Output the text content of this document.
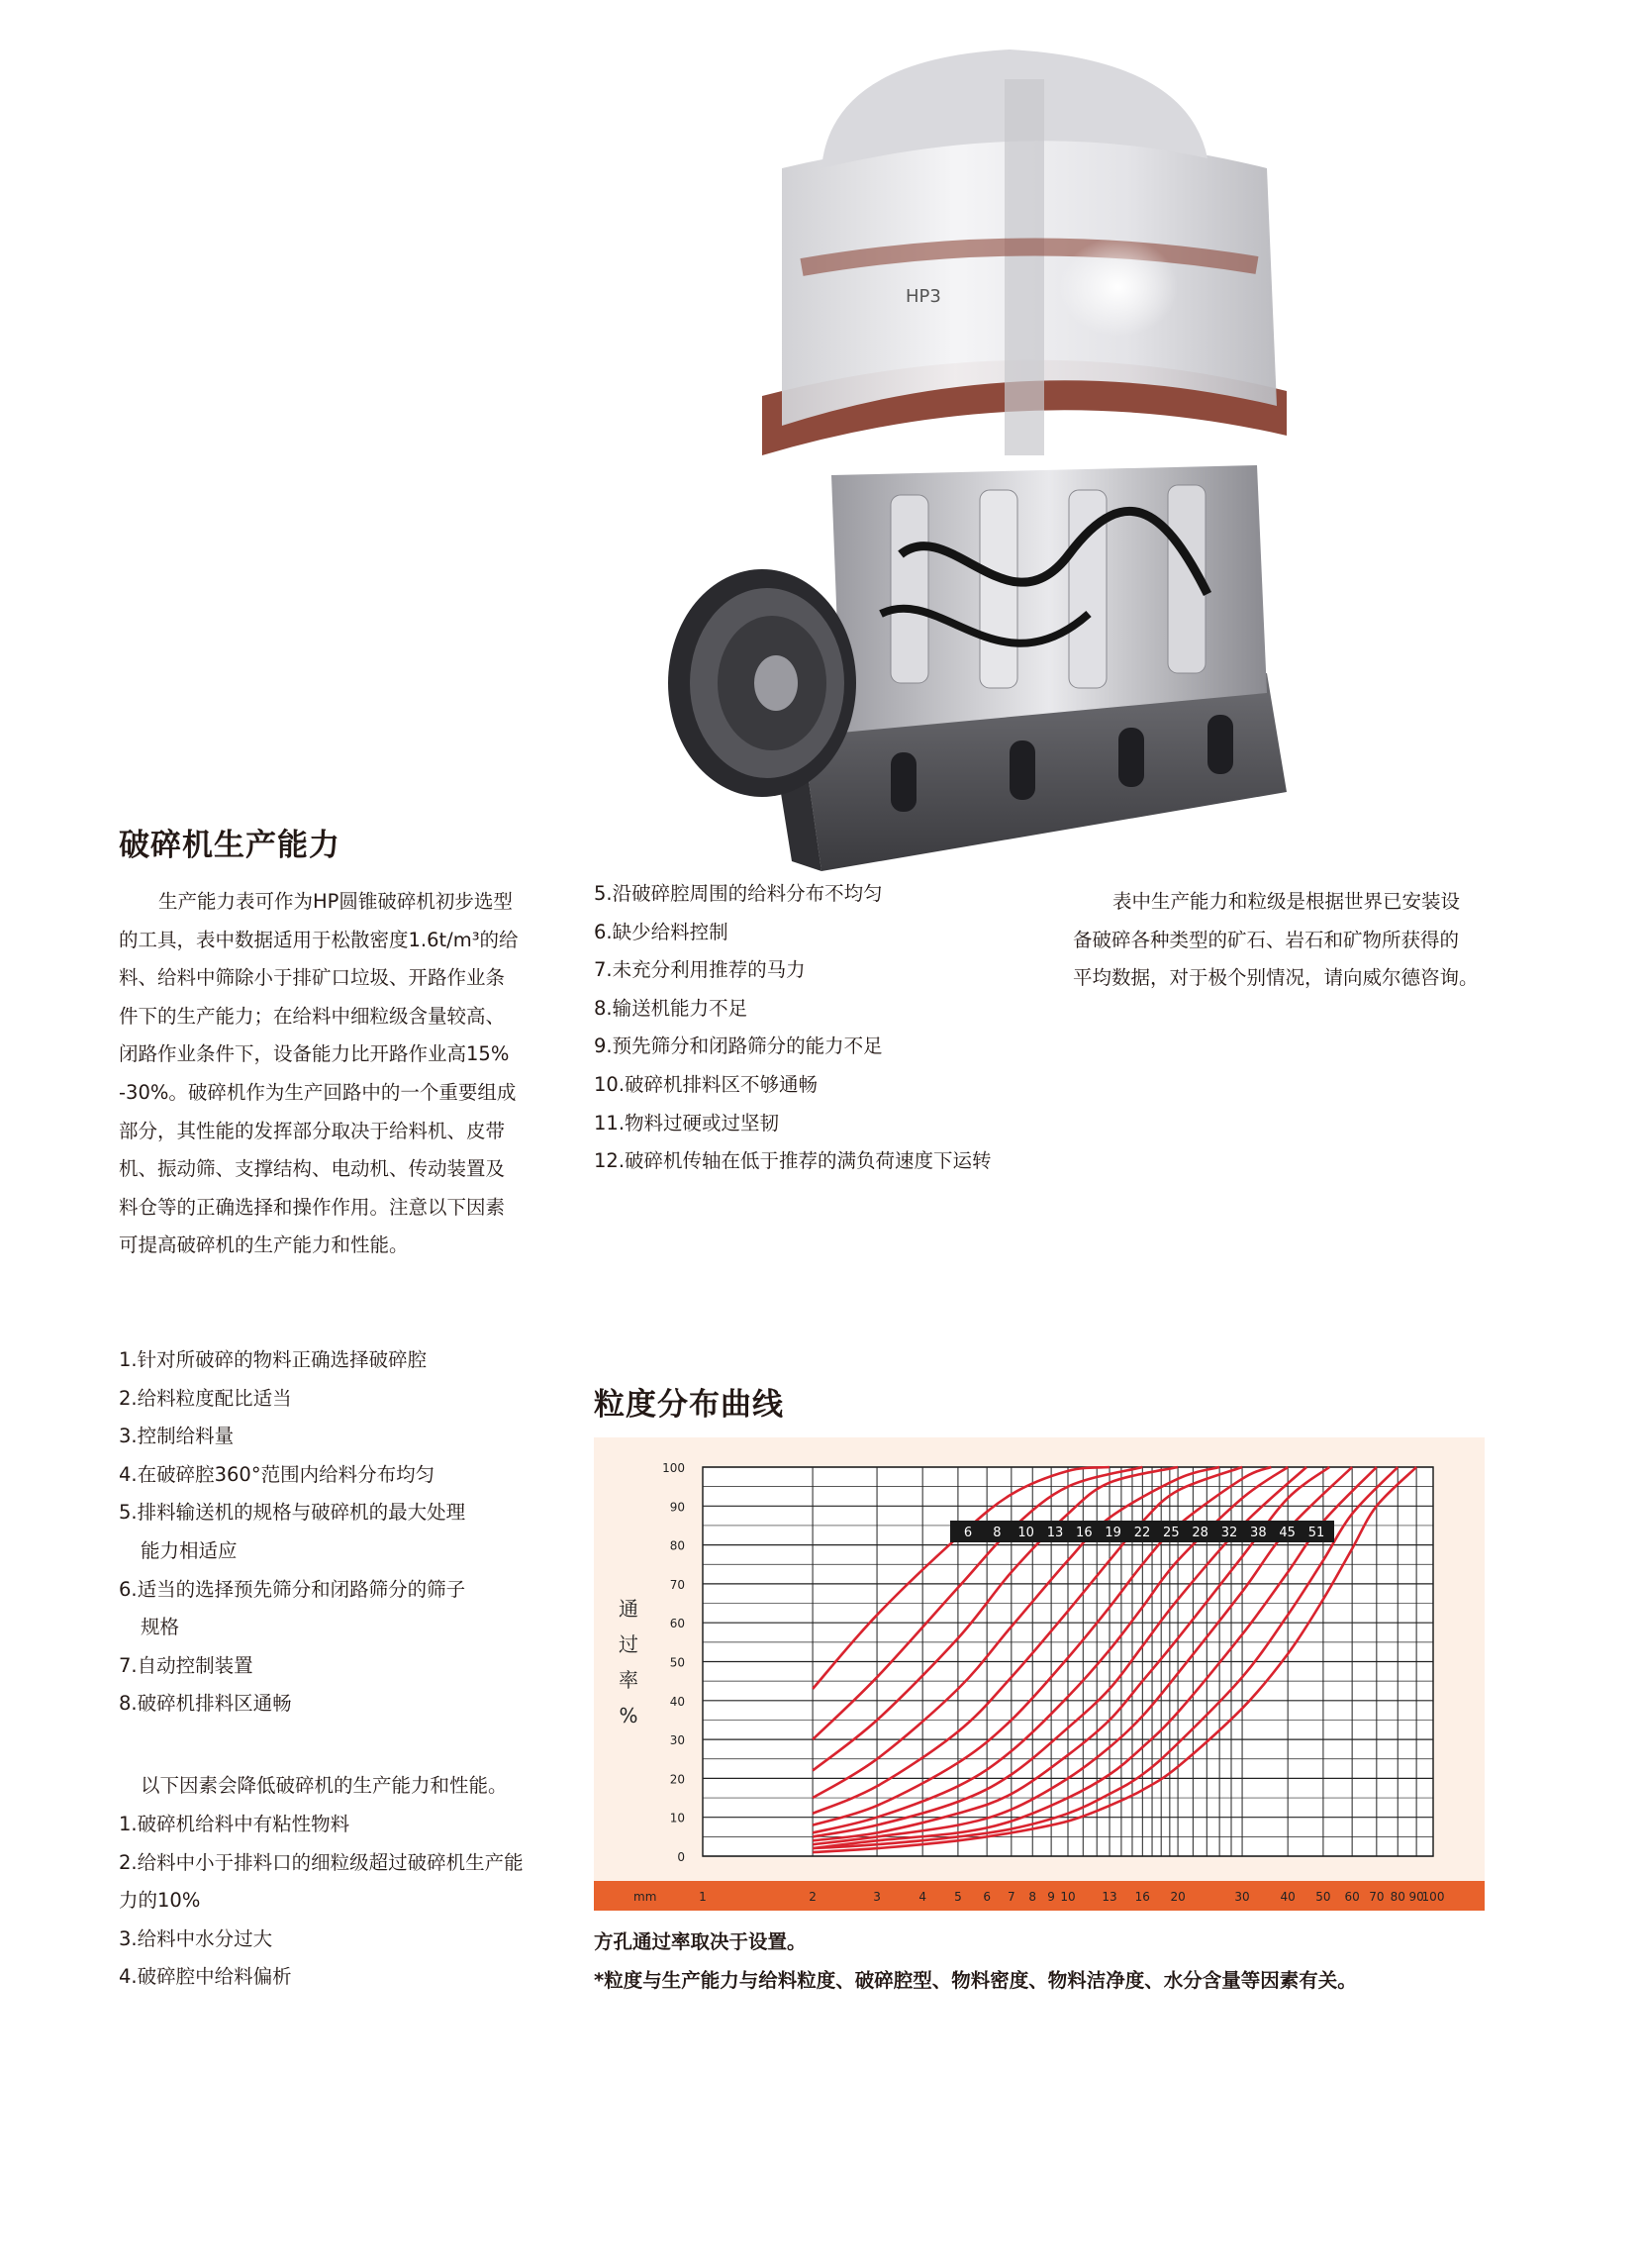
HP3
破碎机生产能力
生产能力表可作为HP圆锥破碎机初步选型
的工具，表中数据适用于松散密度1.6t/m³的给
料、给料中筛除小于排矿口垃圾、开路作业条
件下的生产能力；在给料中细粒级含量较高、
闭路作业条件下，设备能力比开路作业高15%
-30%。破碎机作为生产回路中的一个重要组成
部分，其性能的发挥部分取决于给料机、皮带
机、振动筛、支撑结构、电动机、传动装置及
料仓等的正确选择和操作作用。注意以下因素
可提高破碎机的生产能力和性能。
5.沿破碎腔周围的给料分布不均匀
6.缺少给料控制
7.未充分利用推荐的马力
8.输送机能力不足
9.预先筛分和闭路筛分的能力不足
10.破碎机排料区不够通畅
11.物料过硬或过坚韧
12.破碎机传轴在低于推荐的满负荷速度下运转
表中生产能力和粒级是根据世界已安装设
备破碎各种类型的矿石、岩石和矿物所获得的
平均数据，对于极个别情况，请向威尔德咨询。
1.针对所破碎的物料正确选择破碎腔
2.给料粒度配比适当
3.控制给料量
4.在破碎腔360°范围内给料分布均匀
5.排料输送机的规格与破碎机的最大处理
能力相适应
6.适当的选择预先筛分和闭路筛分的筛子
规格
7.自动控制装置
8.破碎机排料区通畅
以下因素会降低破碎机的生产能力和性能。
1.破碎机给料中有粘性物料
2.给料中小于排料口的细粒级超过破碎机生产能
力的10%
3.给料中水分过大
4.破碎腔中给料偏析
粒度分布曲线
0
10
20
30
40
50
60
70
80
90
100
通
过
率
%
6 8 10 13 16 19 22 25 28 32 38 45 51
mm	1	2	3	4 5 6 7 8 9 10 13 16 20	30	40 50 60 70 80 90
100
方孔通过率取决于设置。
*粒度与生产能力与给料粒度、破碎腔型、物料密度、物料洁净度、水分含量等因素有关。
